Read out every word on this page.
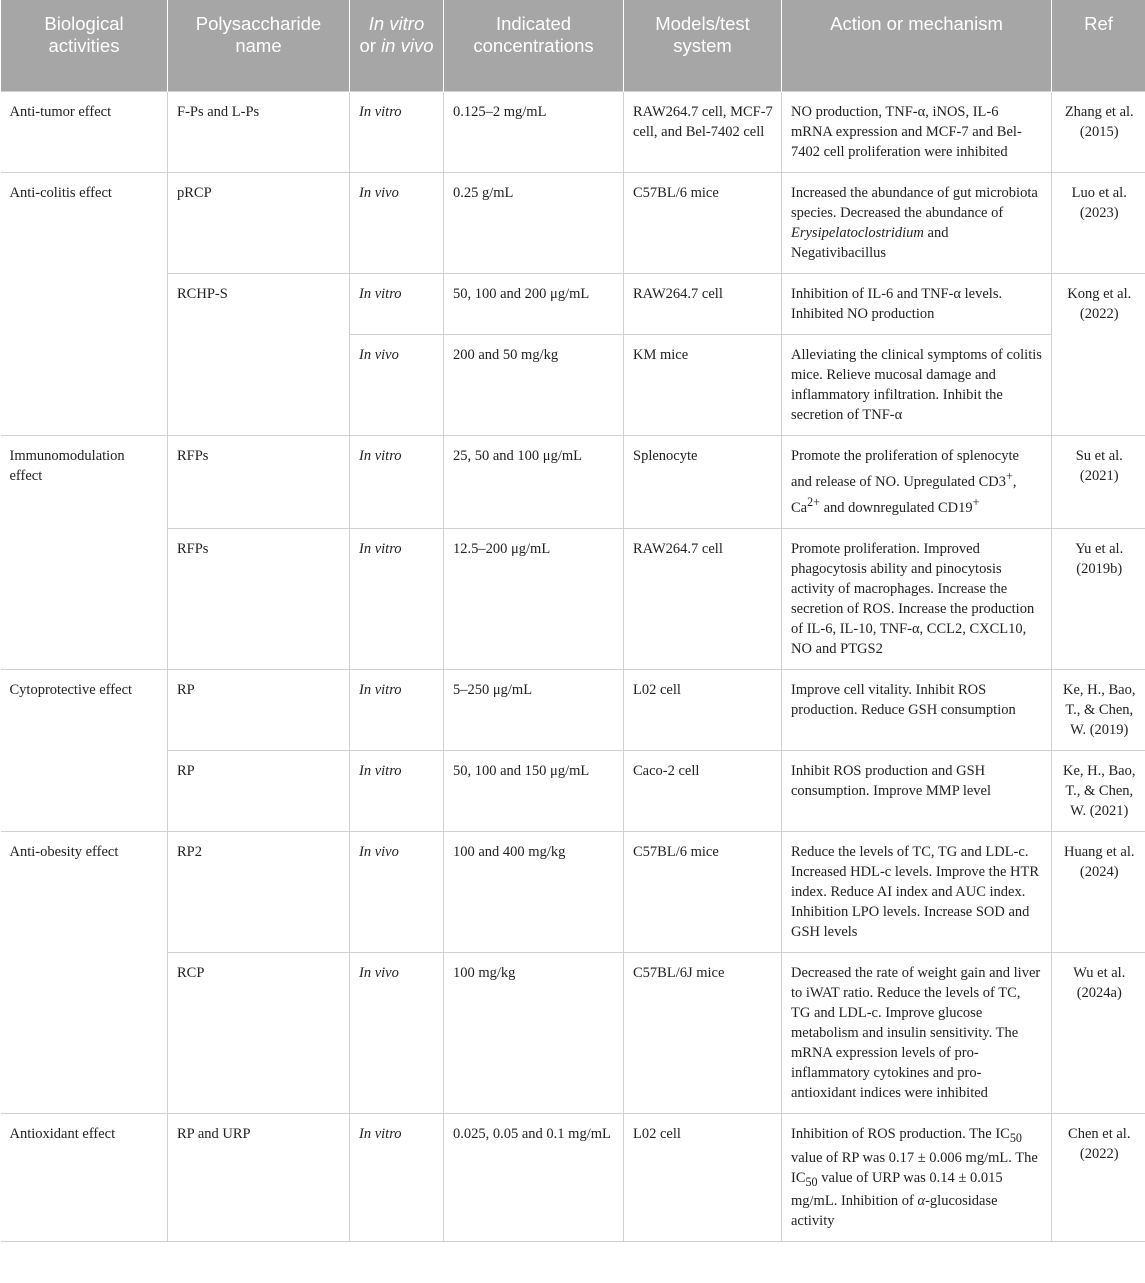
Biological activities	Polysaccharide name	In vitro or in vivo	Indicated concentrations	Models/test system	Action or mechanism	Ref
Anti-tumor effect	F-Ps and L-Ps	In vitro	0.125–2 mg/mL	RAW264.7 cell, MCF-7 cell, and Bel-7402 cell	NO production, TNF-α, iNOS, IL-6 mRNA expression and MCF-7 and Bel-7402 cell proliferation were inhibited	Zhang et al. (2015)
Anti-colitis effect	pRCP	In vivo	0.25 g/mL	C57BL/6 mice	Increased the abundance of gut microbiota species. Decreased the abundance of Erysipelatoclostridium and Negativibacillus	Luo et al. (2023)
	RCHP-S	In vitro	50, 100 and 200 μg/mL	RAW264.7 cell	Inhibition of IL-6 and TNF-α levels. Inhibited NO production	Kong et al. (2022)
		In vivo	200 and 50 mg/kg	KM mice	Alleviating the clinical symptoms of colitis mice. Relieve mucosal damage and inflammatory infiltration. Inhibit the secretion of TNF-α	
Immunomodulation effect	RFPs	In vitro	25, 50 and 100 μg/mL	Splenocyte	Promote the proliferation of splenocyte and release of NO. Upregulated CD3+, $Ca^{2+}$ and downregulated CD19+	Su et al. (2021)
	RFPs	In vitro	12.5–200 μg/mL	RAW264.7 cell	Promote proliferation. Improved phagocytosis ability and pinocytosis activity of macrophages. Increase the secretion of ROS. Increase the production of IL-6, IL-10, TNF-α, CCL2, CXCL10, NO and PTGS2	Yu et al. (2019b)
Cytoprotective effect	RP	In vitro	5–250 μg/mL	L02 cell	Improve cell vitality. Inhibit ROS production. Reduce GSH consumption	Ke, H., Bao, T., & Chen, W. (2019)
	RP	In vitro	50, 100 and 150 μg/mL	Caco-2 cell	Inhibit ROS production and GSH consumption. Improve MMP level	Ke, H., Bao, T., & Chen, W. (2021)
Anti-obesity effect	RP2	In vivo	100 and 400 mg/kg	C57BL/6 mice	Reduce the levels of TC, TG and LDL-c. Increased HDL-c levels. Improve the HTR index. Reduce AI index and AUC index. Inhibition LPO levels. Increase SOD and GSH levels	Huang et al. (2024)
	RCP	In vivo	100 mg/kg	C57BL/6J mice	Decreased the rate of weight gain and liver to iWAT ratio. Reduce the levels of TC, TG and LDL-c. Improve glucose metabolism and insulin sensitivity. The mRNA expression levels of pro-inflammatory cytokines and pro-antioxidant indices were inhibited	Wu et al. (2024a)
Antioxidant effect	RP and URP	In vitro	0.025, 0.05 and 0.1 mg/mL	L02 cell	Inhibition of ROS production. The $IC_{50}$ value of RP was 0.17 ± 0.006 mg/mL. The $IC_{50}$ value of URP was 0.14 ± 0.015 mg/mL. Inhibition of α-glucosidase activity	Chen et al. (2022)
